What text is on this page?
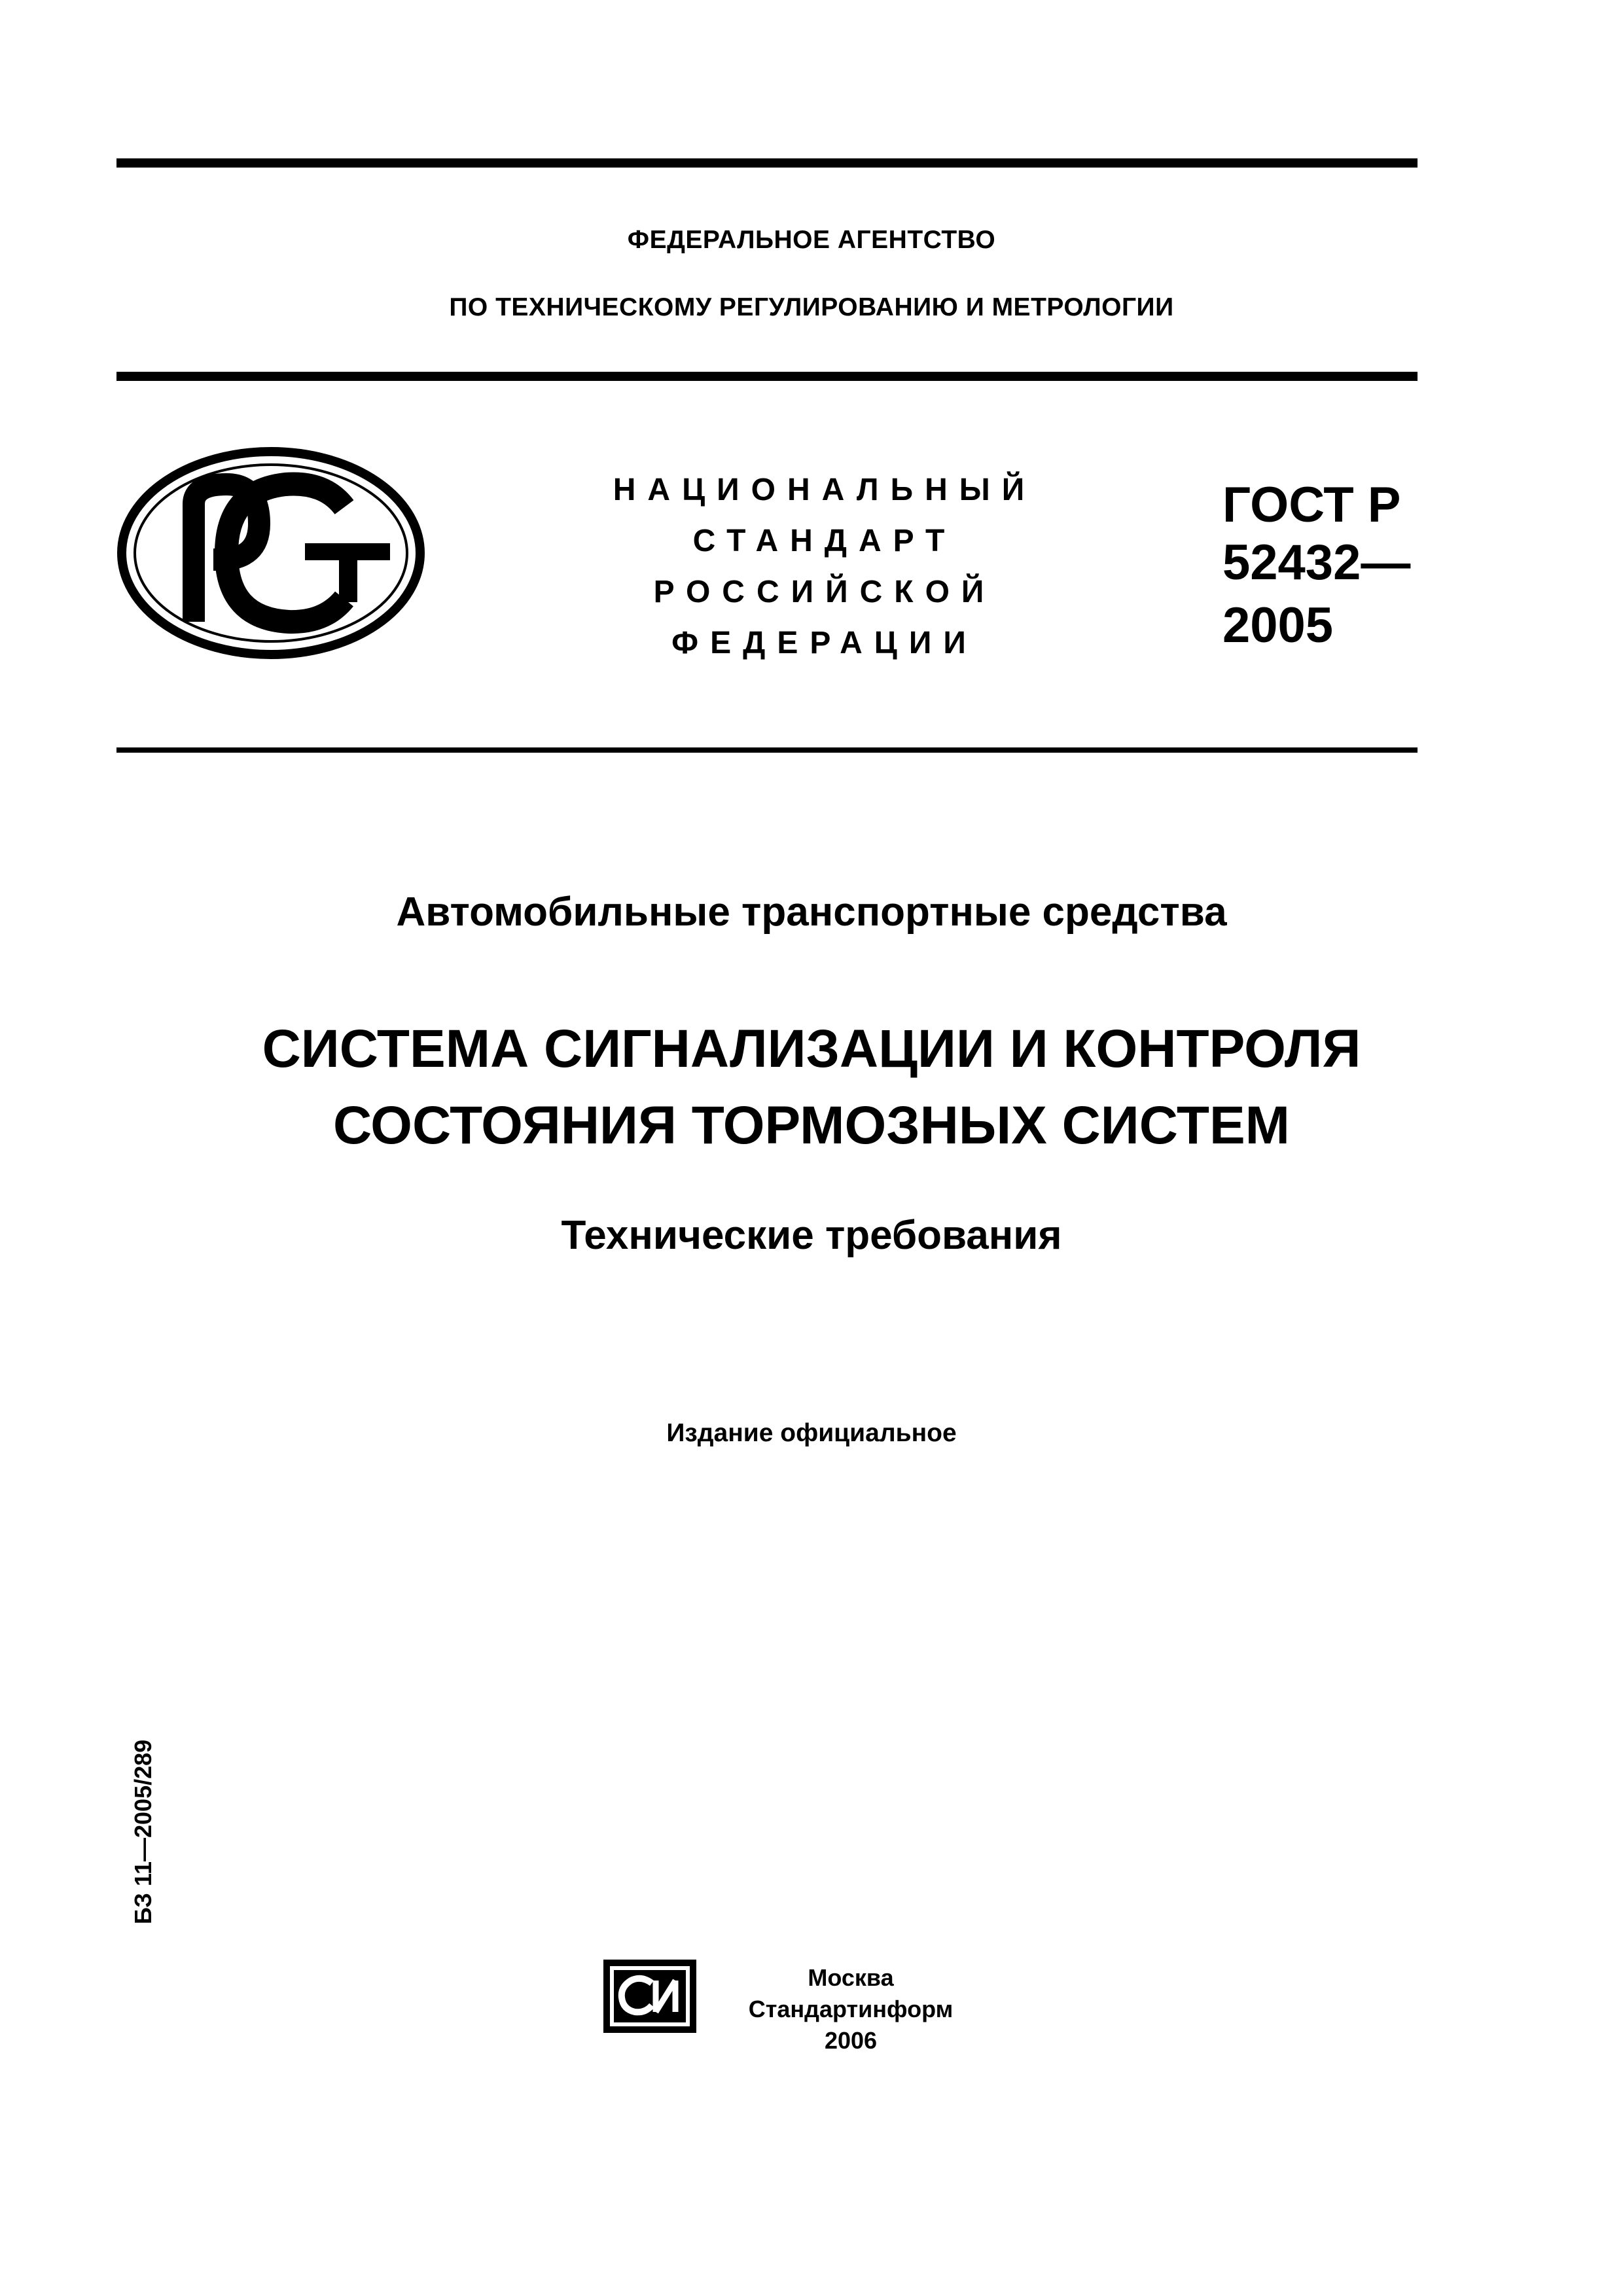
ФЕДЕРАЛЬНОЕ АГЕНТСТВО
ПО ТЕХНИЧЕСКОМУ РЕГУЛИРОВАНИЮ И МЕТРОЛОГИИ
НАЦИОНАЛЬНЫЙ
СТАНДАРТ
РОССИЙСКОЙ
ФЕДЕРАЦИИ
ГОСТ Р
52432—
2005
Автомобильные транспортные средства
СИСТЕМА СИГНАЛИЗАЦИИ И КОНТРОЛЯ
СОСТОЯНИЯ ТОРМОЗНЫХ СИСТЕМ
Технические требования
Издание официальное
БЗ 11—2005/289
Москва
Стандартинформ
2006
